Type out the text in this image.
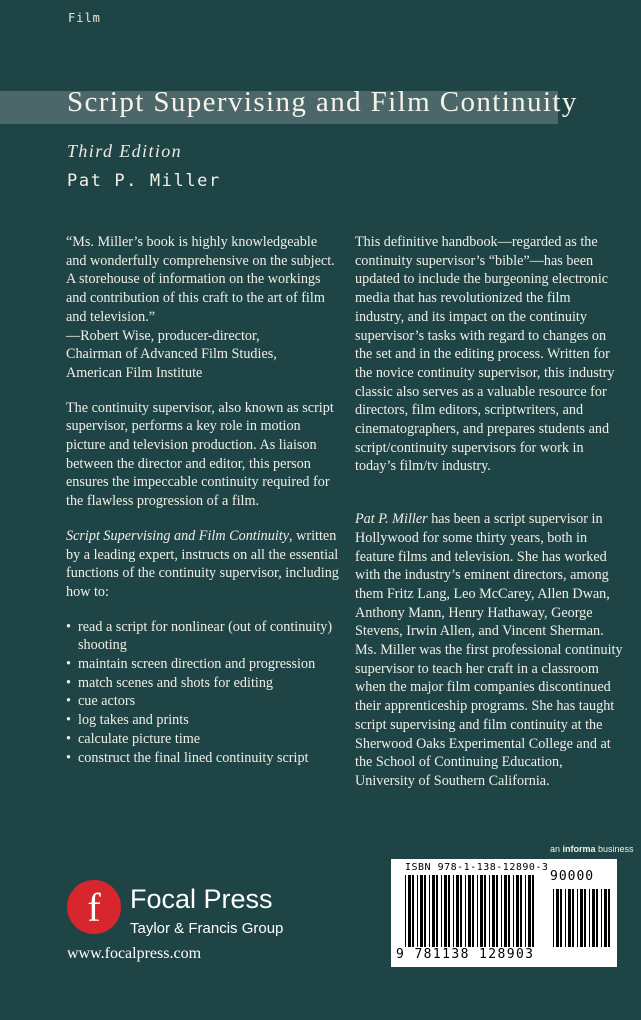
Film
Script Supervising and Film Continuity
Third Edition
Pat P. Miller

“Ms. Miller’s book is highly knowledgeable and wonderfully comprehensive on the subject. A storehouse of information on the workings and contribution of this craft to the art of film and television.”
—Robert Wise, producer-director,
Chairman of Advanced Film Studies,
American Film Institute

The continuity supervisor, also known as script supervisor, performs a key role in motion picture and television production. As liaison between the director and editor, this person ensures the impeccable continuity required for the flawless progression of a film.

Script Supervising and Film Continuity, written by a leading expert, instructs on all the essential functions of the continuity supervisor, including how to:

• read a script for nonlinear (out of continuity) shooting
• maintain screen direction and progression
• match scenes and shots for editing
• cue actors
• log takes and prints
• calculate picture time
• construct the final lined continuity script

This definitive handbook—regarded as the continuity supervisor’s “bible”—has been updated to include the burgeoning electronic media that has revolutionized the film industry, and its impact on the continuity supervisor’s tasks with regard to changes on the set and in the editing process. Written for the novice continuity supervisor, this industry classic also serves as a valuable resource for directors, film editors, scriptwriters, and cinematographers, and prepares students and script/continuity supervisors for work in today’s film/tv industry.

Pat P. Miller has been a script supervisor in Hollywood for some thirty years, both in feature films and television. She has worked with the industry’s eminent directors, among them Fritz Lang, Leo McCarey, Allen Dwan, Anthony Mann, Henry Hathaway, George Stevens, Irwin Allen, and Vincent Sherman. Ms. Miller was the first professional continuity supervisor to teach her craft in a classroom when the major film companies discontinued their apprenticeship programs. She has taught script supervising and film continuity at the Sherwood Oaks Experimental College and at the School of Continuing Education, University of Southern California.

an informa business
ISBN 978-1-138-12890-3
90000
9 781138 128903
f Focal Press
Taylor & Francis Group
www.focalpress.com
